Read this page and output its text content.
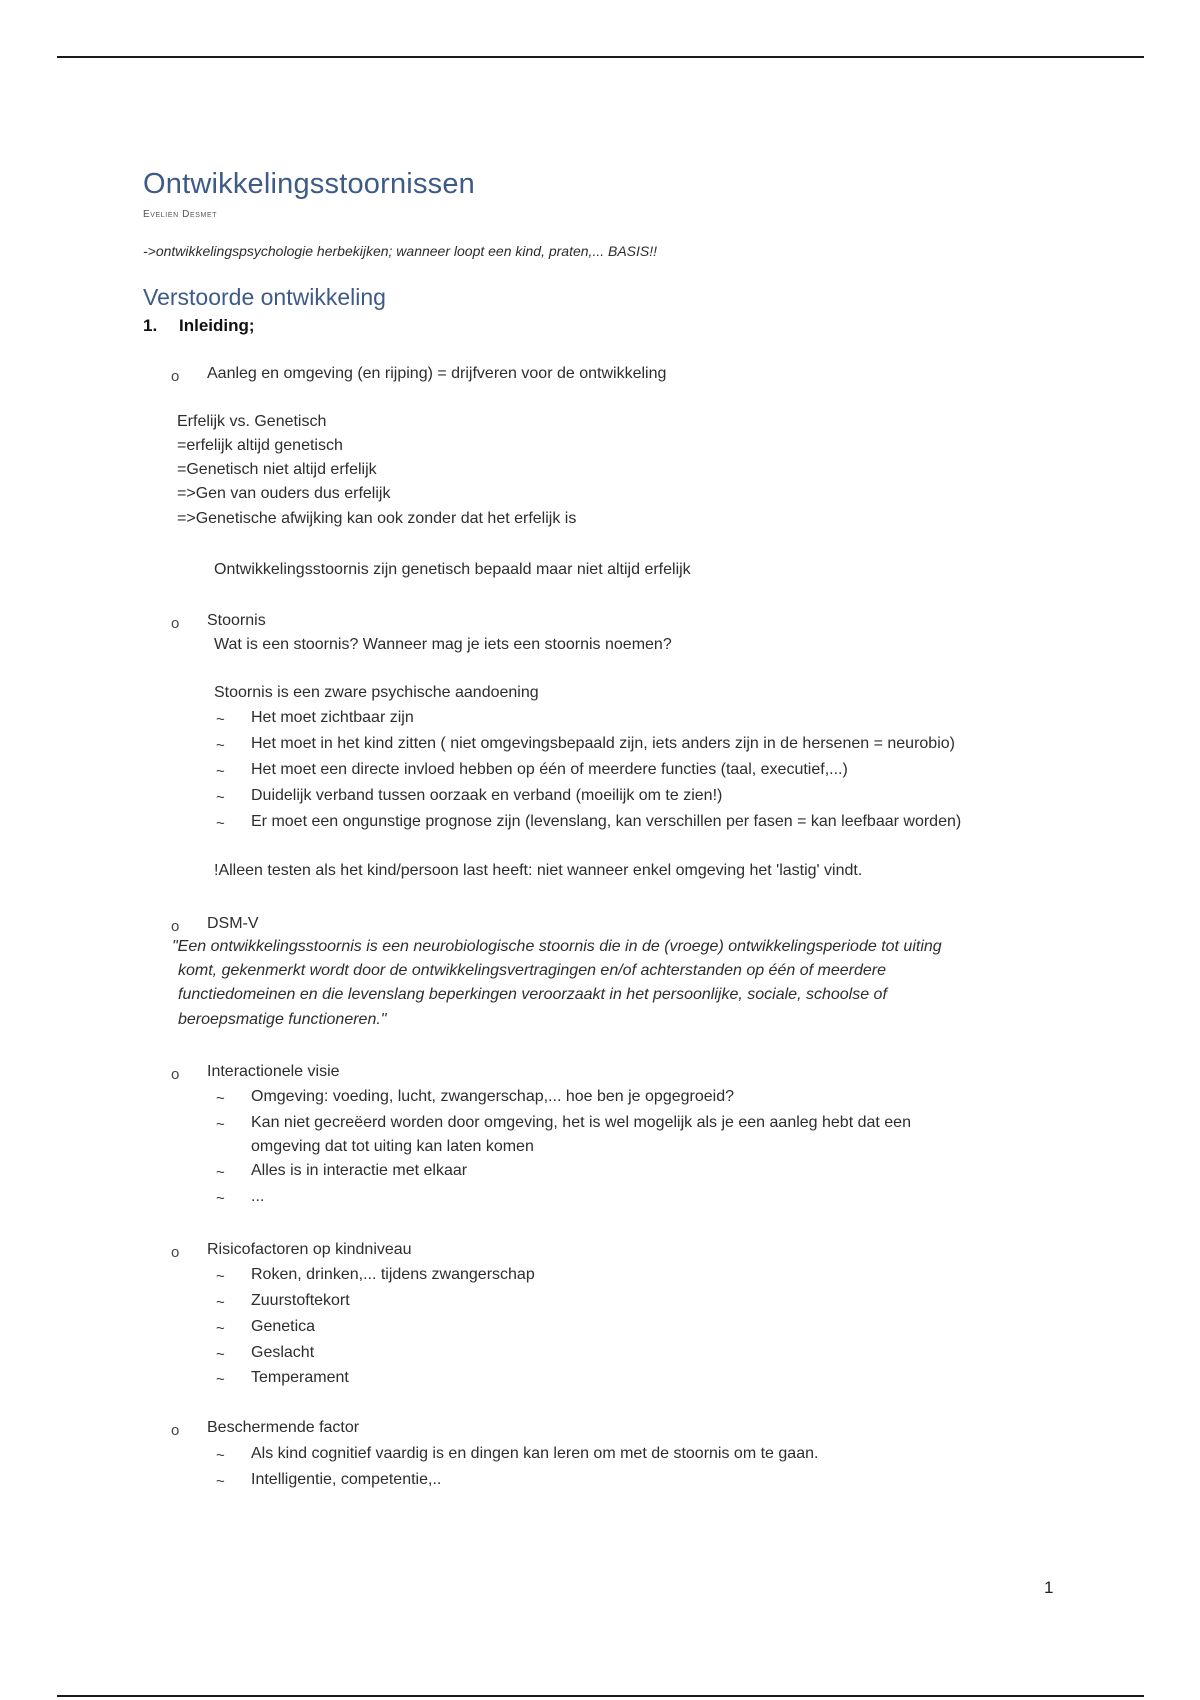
Ontwikkelingsstoornissen
Evelien Desmet
->ontwikkelingspsychologie herbekijken; wanneer loopt een kind, praten,... BASIS!!
Verstoorde ontwikkeling
1. Inleiding;
o Aanleg en omgeving (en rijping) = drijfveren voor de ontwikkeling
Erfelijk vs. Genetisch
=erfelijk altijd genetisch
=Genetisch niet altijd erfelijk
=>Gen van ouders dus erfelijk
=>Genetische afwijking kan ook zonder dat het erfelijk is
Ontwikkelingsstoornis zijn genetisch bepaald maar niet altijd erfelijk
o Stoornis
Wat is een stoornis? Wanneer mag je iets een stoornis noemen?
Stoornis is een zware psychische aandoening
~ Het moet zichtbaar zijn
~ Het moet in het kind zitten ( niet omgevingsbepaald zijn, iets anders zijn in de hersenen = neurobio)
~ Het moet een directe invloed hebben op één of meerdere functies (taal, executief,...)
~ Duidelijk verband tussen oorzaak en verband (moeilijk om te zien!)
~ Er moet een ongunstige prognose zijn (levenslang, kan verschillen per fasen = kan leefbaar worden)
!Alleen testen als het kind/persoon last heeft: niet wanneer enkel omgeving het 'lastig' vindt.
o DSM-V
"Een ontwikkelingsstoornis is een neurobiologische stoornis die in de (vroege) ontwikkelingsperiode tot uiting
komt, gekenmerkt wordt door de ontwikkelingsvertragingen en/of achterstanden op één of meerdere
functiedomeinen en die levenslang beperkingen veroorzaakt in het persoonlijke, sociale, schoolse of
beroepsmatige functioneren."
o Interactionele visie
~ Omgeving: voeding, lucht, zwangerschap,... hoe ben je opgegroeid?
~ Kan niet gecreëerd worden door omgeving, het is wel mogelijk als je een aanleg hebt dat een
omgeving dat tot uiting kan laten komen
~ Alles is in interactie met elkaar
~ ...
o Risicofactoren op kindniveau
~ Roken, drinken,... tijdens zwangerschap
~ Zuurstoftekort
~ Genetica
~ Geslacht
~ Temperament
o Beschermende factor
~ Als kind cognitief vaardig is en dingen kan leren om met de stoornis om te gaan.
~ Intelligentie, competentie,..
1
